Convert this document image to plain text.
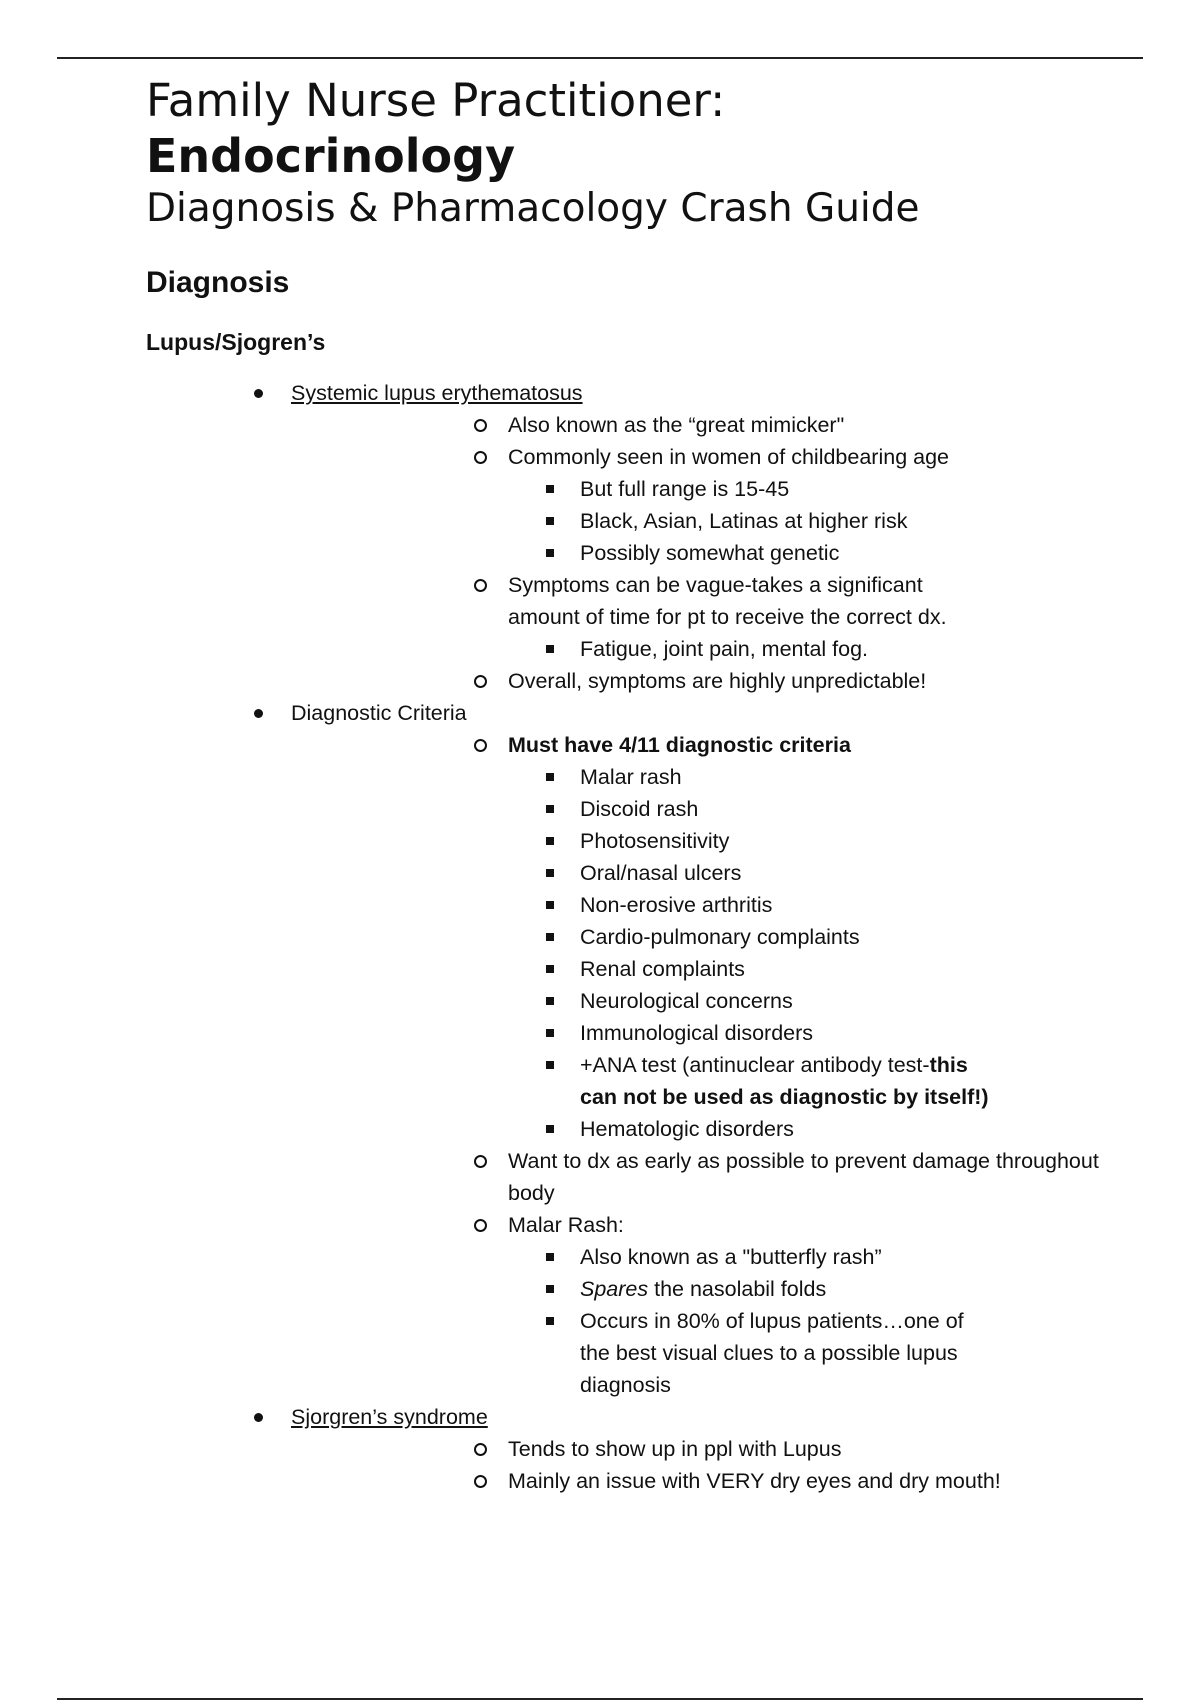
Family Nurse Practitioner:
Endocrinology
Diagnosis & Pharmacology Crash Guide
Diagnosis
Lupus/Sjogren’s
Systemic lupus erythematosus
Also known as the “great mimicker"
Commonly seen in women of childbearing age
But full range is 15-45
Black, Asian, Latinas at higher risk
Possibly somewhat genetic
Symptoms can be vague-takes a significant amount of time for pt to receive the correct dx.
Fatigue, joint pain, mental fog.
Overall, symptoms are highly unpredictable!
Diagnostic Criteria
Must have 4/11 diagnostic criteria
Malar rash
Discoid rash
Photosensitivity
Oral/nasal ulcers
Non-erosive arthritis
Cardio-pulmonary complaints
Renal complaints
Neurological concerns
Immunological disorders
+ANA test (antinuclear antibody test-this can not be used as diagnostic by itself!)
Hematologic disorders
Want to dx as early as possible to prevent damage throughout body
Malar Rash:
Also known as a "butterfly rash”
Spares the nasolabil folds
Occurs in 80% of lupus patients…one of the best visual clues to a possible lupus diagnosis
Sjorgren’s syndrome
Tends to show up in ppl with Lupus
Mainly an issue with VERY dry eyes and dry mouth!
